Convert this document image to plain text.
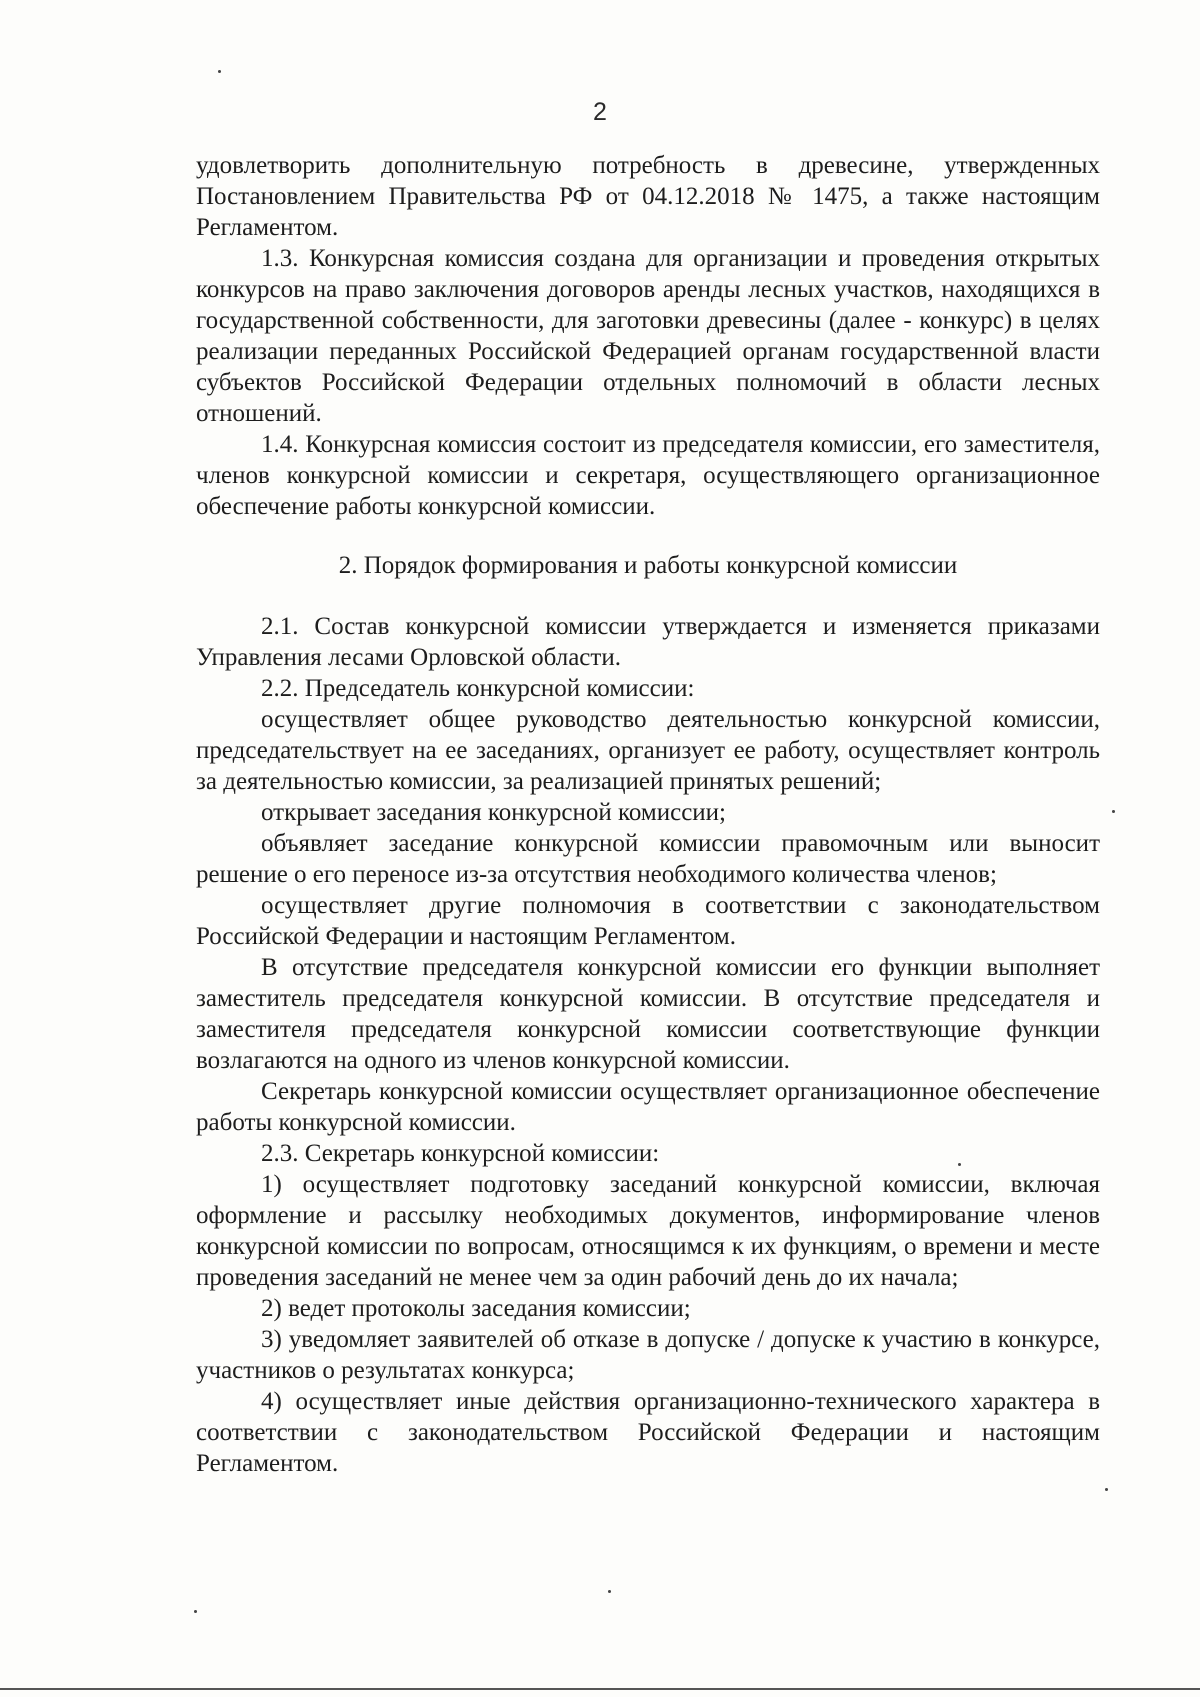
2

удовлетворить дополнительную потребность в древесине, утвержденных Постановлением Правительства РФ от 04.12.2018 № 1475, а также настоящим Регламентом.

1.3. Конкурсная комиссия создана для организации и проведения открытых конкурсов на право заключения договоров аренды лесных участков, находящихся в государственной собственности, для заготовки древесины (далее - конкурс) в целях реализации переданных Российской Федерацией органам государственной власти субъектов Российской Федерации отдельных полномочий в области лесных отношений.

1.4. Конкурсная комиссия состоит из председателя комиссии, его заместителя, членов конкурсной комиссии и секретаря, осуществляющего организационное обеспечение работы конкурсной комиссии.

2. Порядок формирования и работы конкурсной комиссии

2.1. Состав конкурсной комиссии утверждается и изменяется приказами Управления лесами Орловской области.

2.2. Председатель конкурсной комиссии:

осуществляет общее руководство деятельностью конкурсной комиссии, председательствует на ее заседаниях, организует ее работу, осуществляет контроль за деятельностью комиссии, за реализацией принятых решений;

открывает заседания конкурсной комиссии;

объявляет заседание конкурсной комиссии правомочным или выносит решение о его переносе из-за отсутствия необходимого количества членов;

осуществляет другие полномочия в соответствии с законодательством Российской Федерации и настоящим Регламентом.

В отсутствие председателя конкурсной комиссии его функции выполняет заместитель председателя конкурсной комиссии. В отсутствие председателя и заместителя председателя конкурсной комиссии соответствующие функции возлагаются на одного из членов конкурсной комиссии.

Секретарь конкурсной комиссии осуществляет организационное обеспечение работы конкурсной комиссии.

2.3. Секретарь конкурсной комиссии:

1) осуществляет подготовку заседаний конкурсной комиссии, включая оформление и рассылку необходимых документов, информирование членов конкурсной комиссии по вопросам, относящимся к их функциям, о времени и месте проведения заседаний не менее чем за один рабочий день до их начала;

2) ведет протоколы заседания комиссии;

3) уведомляет заявителей об отказе в допуске / допуске к участию в конкурсе, участников о результатах конкурса;

4) осуществляет иные действия организационно-технического характера в соответствии с законодательством Российской Федерации и настоящим Регламентом.
